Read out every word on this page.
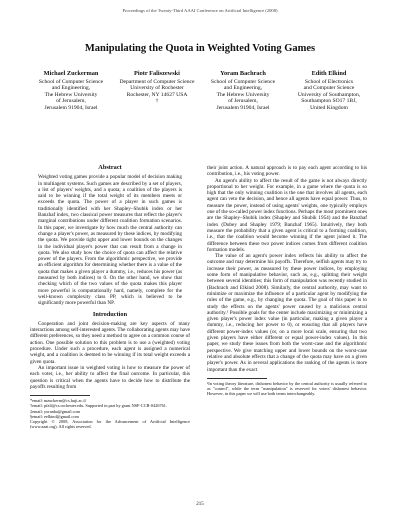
Proceedings of the Twenty-Third AAAI Conference on Artificial Intelligence (2008)
Manipulating the Quota in Weighted Voting Games
Michael Zuckerman
School of Computer Science
and Engineering,
The Hebrew University
of Jerusalem,
Jerusalem 91904, Israel
Piotr Faliszewski
Department of Computer Science
University of Rochester
Rochester, NY 14627 USA
†
Yoram Bachrach
School of Computer Science
and Engineering,
The Hebrew University
of Jerusalem,
Jerusalem 91904, Israel
Edith Elkind
School of Electronics
and Computer Science
University of Southampton,
Southampton SO17 1BJ,
United Kingdom
Abstract
Weighted voting games provide a popular model of decision making in multiagent systems. Such games are described by a set of players, a list of players' weights, and a quota; a coalition of the players is said to be winning if the total weight of its members meets or exceeds the quota. The power of a player in such games is traditionally identified with her Shapley–Shubik index or her Banzhaf index, two classical power measures that reflect the player's marginal contributions under different coalition formation scenarios. In this paper, we investigate by how much the central authority can change a player's power, as measured by these indices, by modifying the quota. We provide tight upper and lower bounds on the changes in the individual player's power that can result from a change in quota. We also study how the choice of quota can affect the relative power of the players. From the algorithmic perspective, we provide an efficient algorithm for determining whether there is a value of the quota that makes a given player a dummy, i.e., reduces his power (as measured by both indices) to 0. On the other hand, we show that checking which of the two values of the quota makes this player more powerful is computationally hard, namely, complete for the well-known complexity class PP, which is believed to be significantly more powerful than NP.
Introduction

Cooperation and joint decision-making are key aspects of many interactions among self-interested agents. The collaborating agents may have different preferences, so they need a method to agree on a common course of action. One possible solution to this problem is to use a (weighted) voting procedure. Under such a procedure, each agent is assigned a numerical weight, and a coalition is deemed to be winning if its total weight exceeds a given quota.

An important issue in weighted voting is how to measure the power of each voter, i.e., her ability to affect the final outcome. In particular, this question is critical when the agents have to decide how to distribute the payoffs resulting from

*email: mzuckerm@cs.huji.ac.il

†email: pfali@cs.rochester.edu. Supported in part by grant NSF-CCR-0426761.

‡email: yoranba@gmail.com

§email: eelkind@gmail.com

Copyright © 2008, Association for the Advancement of Artificial Intelligence (www.aaai.org). All rights reserved.

their joint action. A natural approach is to pay each agent according to his contribution, i.e., his voting power.

An agent's ability to affect the result of the game is not always directly proportional to her weight. For example, in a game where the quota is so high that the only winning coalition is the one that involves all agents, each agent can veto the decision, and hence all agents have equal power. Thus, to measure the power, instead of using agents' weights, one typically employs one of the so-called power index functions. Perhaps the most prominent ones are the Shapley–Shubik index (Shapley and Shubik 1954) and the Banzhaf index (Dubey and Shapley 1979; Banzhaf 1965). Intuitively, they both measure the probability that a given agent is critical to a forming coalition, i.e., that the coalition would become winning if the agent joined it. The difference between these two power indices comes from different coalition formation models.

The value of an agent's power index reflects his ability to affect the outcome and may determine his payoffs. Therefore, selfish agents may try to increase their power, as measured by these power indices, by employing some form of manipulative behavior, such as, e.g., splitting their weight between several identities; this form of manipulation was recently studied in (Bachrach and Elkind 2008). Similarly, the central authority, may want to minimize or maximize the influence of a particular agent by modifying the rules of the game, e.g., by changing the quota. The goal of this paper is to study the effects on the agents' power caused by a malicious central authority.¹ Possible goals for the center include maximizing or minimizing a given player's power index value (in particular, making a given player a dummy, i.e., reducing her power to 0), or ensuring that all players have different power-index values (or, on a more local scale, ensuring that two given players have either different or equal power-index values). In this paper, we study these issues from both the worst-case and the algorithmic perspective. We give matching upper and lower bounds on the worst-case relative and absolute effects that a change of the quota may have on a given player's power. As in several applications the ranking of the agents is more important than the exact

¹In voting theory literature, dishonest behavior by the central authority is usually referred to as "control", while the term "manipulation" is reserved for voters' dishonest behavior. However, in this paper we will use both terms interchangeably.

215
